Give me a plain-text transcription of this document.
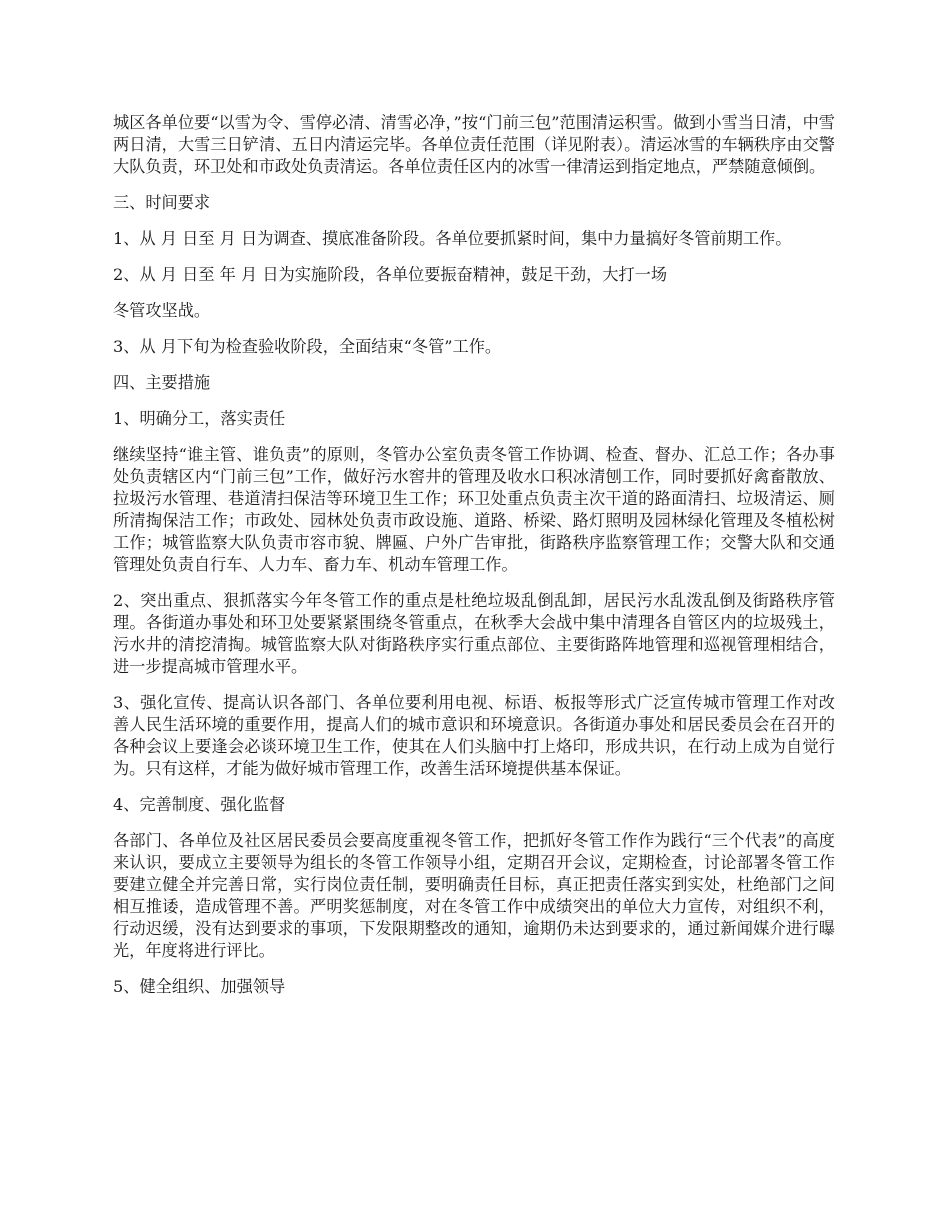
城区各单位要“以雪为令、雪停必清、清雪必净，”按“门前三包”范围清运积雪。做到小雪当日清，中雪两日清，大雪三日铲清、五日内清运完毕。各单位责任范围（详见附表）。清运冰雪的车辆秩序由交警大队负责，环卫处和市政处负责清运。各单位责任区内的冰雪一律清运到指定地点，严禁随意倾倒。

三、时间要求

1、从 月 日至 月 日为调查、摸底准备阶段。各单位要抓紧时间，集中力量搞好冬管前期工作。

2、从 月 日至 年 月 日为实施阶段，各单位要振奋精神，鼓足干劲，大打一场

冬管攻坚战。

3、从 月下旬为检查验收阶段，全面结束“冬管”工作。

四、主要措施

1、明确分工，落实责任

继续坚持“谁主管、谁负责”的原则，冬管办公室负责冬管工作协调、检查、督办、汇总工作；各办事处负责辖区内“门前三包”工作，做好污水窖井的管理及收水口积冰清刨工作，同时要抓好禽畜散放、拉圾污水管理、巷道清扫保洁等环境卫生工作；环卫处重点负责主次干道的路面清扫、垃圾清运、厕所清掏保洁工作；市政处、园林处负责市政设施、道路、桥梁、路灯照明及园林绿化管理及冬植松树工作；城管监察大队负责市容市貌、牌匾、户外广告审批，街路秩序监察管理工作；交警大队和交通管理处负责自行车、人力车、畜力车、机动车管理工作。

2、突出重点、狠抓落实今年冬管工作的重点是杜绝垃圾乱倒乱卸，居民污水乱泼乱倒及街路秩序管理。各街道办事处和环卫处要紧紧围绕冬管重点，在秋季大会战中集中清理各自管区内的垃圾残土，污水井的清挖清掏。城管监察大队对街路秩序实行重点部位、主要街路阵地管理和巡视管理相结合，进一步提高城市管理水平。

3、强化宣传、提高认识各部门、各单位要利用电视、标语、板报等形式广泛宣传城市管理工作对改善人民生活环境的重要作用，提高人们的城市意识和环境意识。各街道办事处和居民委员会在召开的各种会议上要逢会必谈环境卫生工作，使其在人们头脑中打上烙印，形成共识，在行动上成为自觉行为。只有这样，才能为做好城市管理工作，改善生活环境提供基本保证。

4、完善制度、强化监督

各部门、各单位及社区居民委员会要高度重视冬管工作，把抓好冬管工作作为践行“三个代表”的高度来认识，要成立主要领导为组长的冬管工作领导小组，定期召开会议，定期检查，讨论部署冬管工作要建立健全并完善日常，实行岗位责任制，要明确责任目标，真正把责任落实到实处，杜绝部门之间相互推诿，造成管理不善。严明奖惩制度，对在冬管工作中成绩突出的单位大力宣传，对组织不利，行动迟缓，没有达到要求的事项，下发限期整改的通知，逾期仍未达到要求的，通过新闻媒介进行曝光，年度将进行评比。

5、健全组织、加强领导
